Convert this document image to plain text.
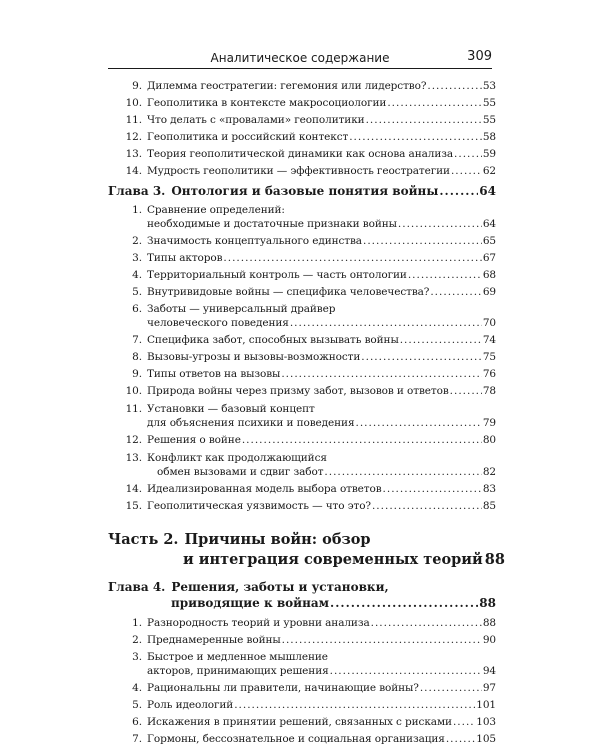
Аналитическое содержание	309
9. Дилемма геостратегии: гегемония или лидерство? .....	53
10. Геополитика в контексте макросоциологии .....	55
11. Что делать с «провалами» геополитики .....	55
12. Геополитика и российский контекст .....	58
13. Теория геополитической динамики как основа анализа .....	59
14. Мудрость геополитики — эффективность геостратегии .....	62
Глава 3. Онтология и базовые понятия войны .....	64
1. Сравнение определений:
необходимые и достаточные признаки войны .....	64
2. Значимость концептуального единства .....	65
3. Типы акторов .....	67
4. Территориальный контроль — часть онтологии .....	68
5. Внутривидовые войны — специфика человечества? .....	69
6. Заботы — универсальный драйвер
человеческого поведения .....	70
7. Специфика забот, способных вызывать войны .....	74
8. Вызовы-угрозы и вызовы-возможности .....	75
9. Типы ответов на вызовы .....	76
10. Природа войны через призму забот, вызовов и ответов .....	78
11. Установки — базовый концепт
для объяснения психики и поведения .....	79
12. Решения о войне .....	80
13. Конфликт как продолжающийся
обмен вызовами и сдвиг забот .....	82
14. Идеализированная модель выбора ответов .....	83
15. Геополитическая уязвимость — что это? .....	85
Часть 2. Причины войн: обзор
и интеграция современных теорий 88
Глава 4. Решения, заботы и установки,
приводящие к войнам .....	88
1. Разнородность теорий и уровни анализа .....	88
2. Преднамеренные войны .....	90
3. Быстрое и медленное мышление
акторов, принимающих решения .....	94
4. Рациональны ли правители, начинающие войны? .....	97
5. Роль идеологий .....	101
6. Искажения в принятии решений, связанных с рисками ..... 103
7. Гормоны, бессознательное и социальная организация .....	105
